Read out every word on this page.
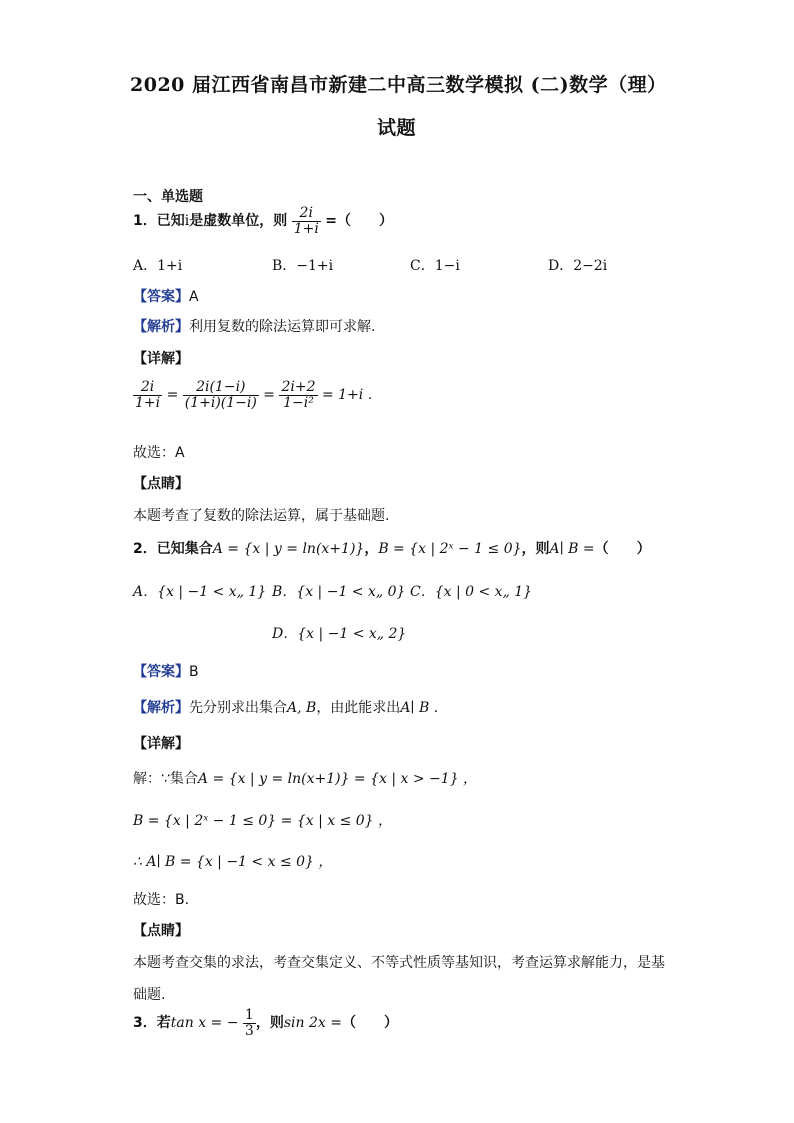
2020 届江西省南昌市新建二中高三数学模拟 (二)数学（理）
试题
一、单选题
1．已知i是虚数单位，则 $\frac{2i}{1+i}$ =（　　）
A．1+i	B．−1+i	C．1−i	D．2−2i
【答案】A
【解析】利用复数的除法运算即可求解.
【详解】
$\frac{2i}{1+i} = \frac{2i(1-i)}{(1+i)(1-i)} = \frac{2i+2}{\text{1−i²}} = 1+i$ .
故选：A
【点睛】
本题考查了复数的除法运算，属于基础题.
2．已知集合A = {x | y = ln(x+1)}，B = {x | 2ˣ − 1 ≤ 0}，则A∣ B =（　　）
A．{x | −1 < x„ 1} B．{x | −1 < x„ 0} C．{x | 0 < x„ 1}
D．{x | −1 < x„ 2}
【答案】B
【解析】先分别求出集合A, B，由此能求出A∣ B .
【详解】
解：∵集合A = {x | y = ln(x+1)} = {x | x > −1} ，
B = {x | 2ˣ − 1 ≤ 0} = {x | x ≤ 0} ，
∴ A∣ B = {x | −1 < x ≤ 0} ，
故选：B.
【点睛】
本题考查交集的求法，考查交集定义、不等式性质等基知识，考查运算求解能力，是基
础题.
3．若tan x = − $\frac{1}{3}$ ，则sin 2x =（　　）
